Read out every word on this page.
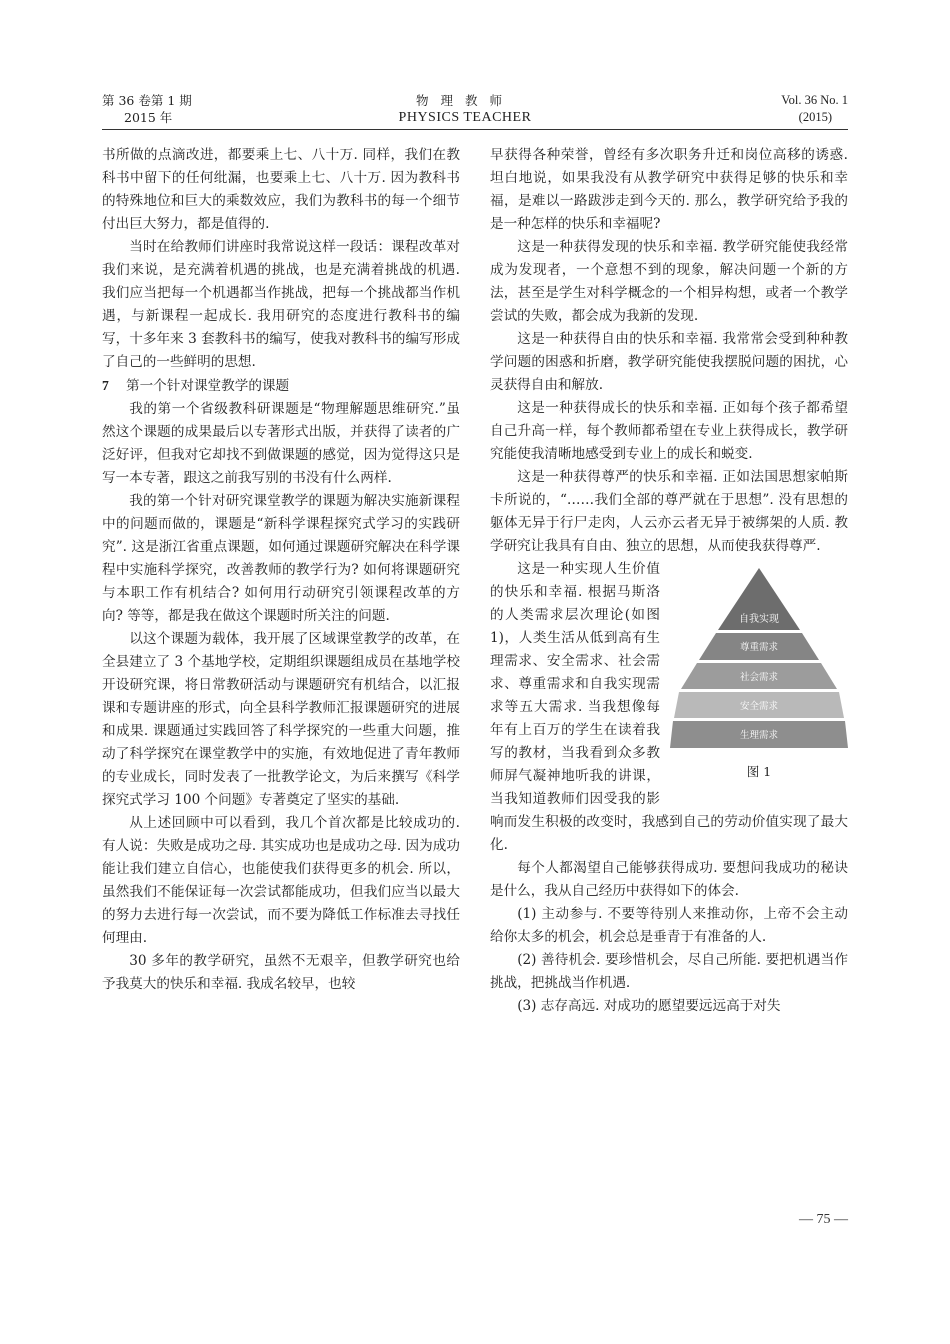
第 36 卷第 1 期
2015 年
物理教师
PHYSICS TEACHER
Vol. 36 No. 1
(2015)

书所做的点滴改进，都要乘上七、八十万. 同样，我们在教科书中留下的任何纰漏，也要乘上七、八十万. 因为教科书的特殊地位和巨大的乘数效应，我们为教科书的每一个细节付出巨大努力，都是值得的.

当时在给教师们讲座时我常说这样一段话：课程改革对我们来说，是充满着机遇的挑战，也是充满着挑战的机遇. 我们应当把每一个机遇都当作挑战，把每一个挑战都当作机遇，与新课程一起成长. 我用研究的态度进行教科书的编写，十多年来 3 套教科书的编写，使我对教科书的编写形成了自己的一些鲜明的思想.

7 第一个针对课堂教学的课题

我的第一个省级教科研课题是“物理解题思维研究.”虽然这个课题的成果最后以专著形式出版，并获得了读者的广泛好评，但我对它却找不到做课题的感觉，因为觉得这只是写一本专著，跟这之前我写别的书没有什么两样.

我的第一个针对研究课堂教学的课题为解决实施新课程中的问题而做的，课题是“新科学课程探究式学习的实践研究”. 这是浙江省重点课题，如何通过课题研究解决在科学课程中实施科学探究，改善教师的教学行为? 如何将课题研究与本职工作有机结合? 如何用行动研究引领课程改革的方向? 等等，都是我在做这个课题时所关注的问题.

以这个课题为载体，我开展了区域课堂教学的改革，在全县建立了 3 个基地学校，定期组织课题组成员在基地学校开设研究课，将日常教研活动与课题研究有机结合，以汇报课和专题讲座的形式，向全县科学教师汇报课题研究的进展和成果. 课题通过实践回答了科学探究的一些重大问题，推动了科学探究在课堂教学中的实施，有效地促进了青年教师的专业成长，同时发表了一批教学论文，为后来撰写《科学探究式学习 100 个问题》专著奠定了坚实的基础.

从上述回顾中可以看到，我几个首次都是比较成功的. 有人说：失败是成功之母. 其实成功也是成功之母. 因为成功能让我们建立自信心，也能使我们获得更多的机会. 所以，虽然我们不能保证每一次尝试都能成功，但我们应当以最大的努力去进行每一次尝试，而不要为降低工作标准去寻找任何理由.

30 多年的教学研究，虽然不无艰辛，但教学研究也给予我莫大的快乐和幸福. 我成名较早，也较

早获得各种荣誉，曾经有多次职务升迁和岗位高移的诱惑. 坦白地说，如果我没有从教学研究中获得足够的快乐和幸福，是难以一路跋涉走到今天的. 那么，教学研究给予我的是一种怎样的快乐和幸福呢?

这是一种获得发现的快乐和幸福. 教学研究能使我经常成为发现者，一个意想不到的现象，解决问题一个新的方法，甚至是学生对科学概念的一个相异构想，或者一个教学尝试的失败，都会成为我新的发现.

这是一种获得自由的快乐和幸福. 我常常会受到种种教学问题的困惑和折磨，教学研究能使我摆脱问题的困扰，心灵获得自由和解放.

这是一种获得成长的快乐和幸福. 正如每个孩子都希望自己升高一样，每个教师都希望在专业上获得成长，教学研究能使我清晰地感受到专业上的成长和蜕变.

这是一种获得尊严的快乐和幸福. 正如法国思想家帕斯卡所说的，“……我们全部的尊严就在于思想”. 没有思想的躯体无异于行尸走肉，人云亦云者无异于被绑架的人质. 教学研究让我具有自由、独立的思想，从而使我获得尊严.

自我实现
尊重需求
社会需求
安全需求
生理需求
图 1

这是一种实现人生价值的快乐和幸福. 根据马斯洛的人类需求层次理论(如图 1)，人类生活从低到高有生理需求、安全需求、社会需求、尊重需求和自我实现需求等五大需求. 当我想像每年有上百万的学生在读着我写的教材，当我看到众多教师屏气凝神地听我的讲课，当我知道教师们因受我的影响而发生积极的改变时，我感到自己的劳动价值实现了最大化.

每个人都渴望自己能够获得成功. 要想问我成功的秘诀是什么，我从自己经历中获得如下的体会.

(1) 主动参与. 不要等待别人来推动你，上帝不会主动给你太多的机会，机会总是垂青于有准备的人.

(2) 善待机会. 要珍惜机会，尽自己所能. 要把机遇当作挑战，把挑战当作机遇.

(3) 志存高远. 对成功的愿望要远远高于对失

— 75 —
